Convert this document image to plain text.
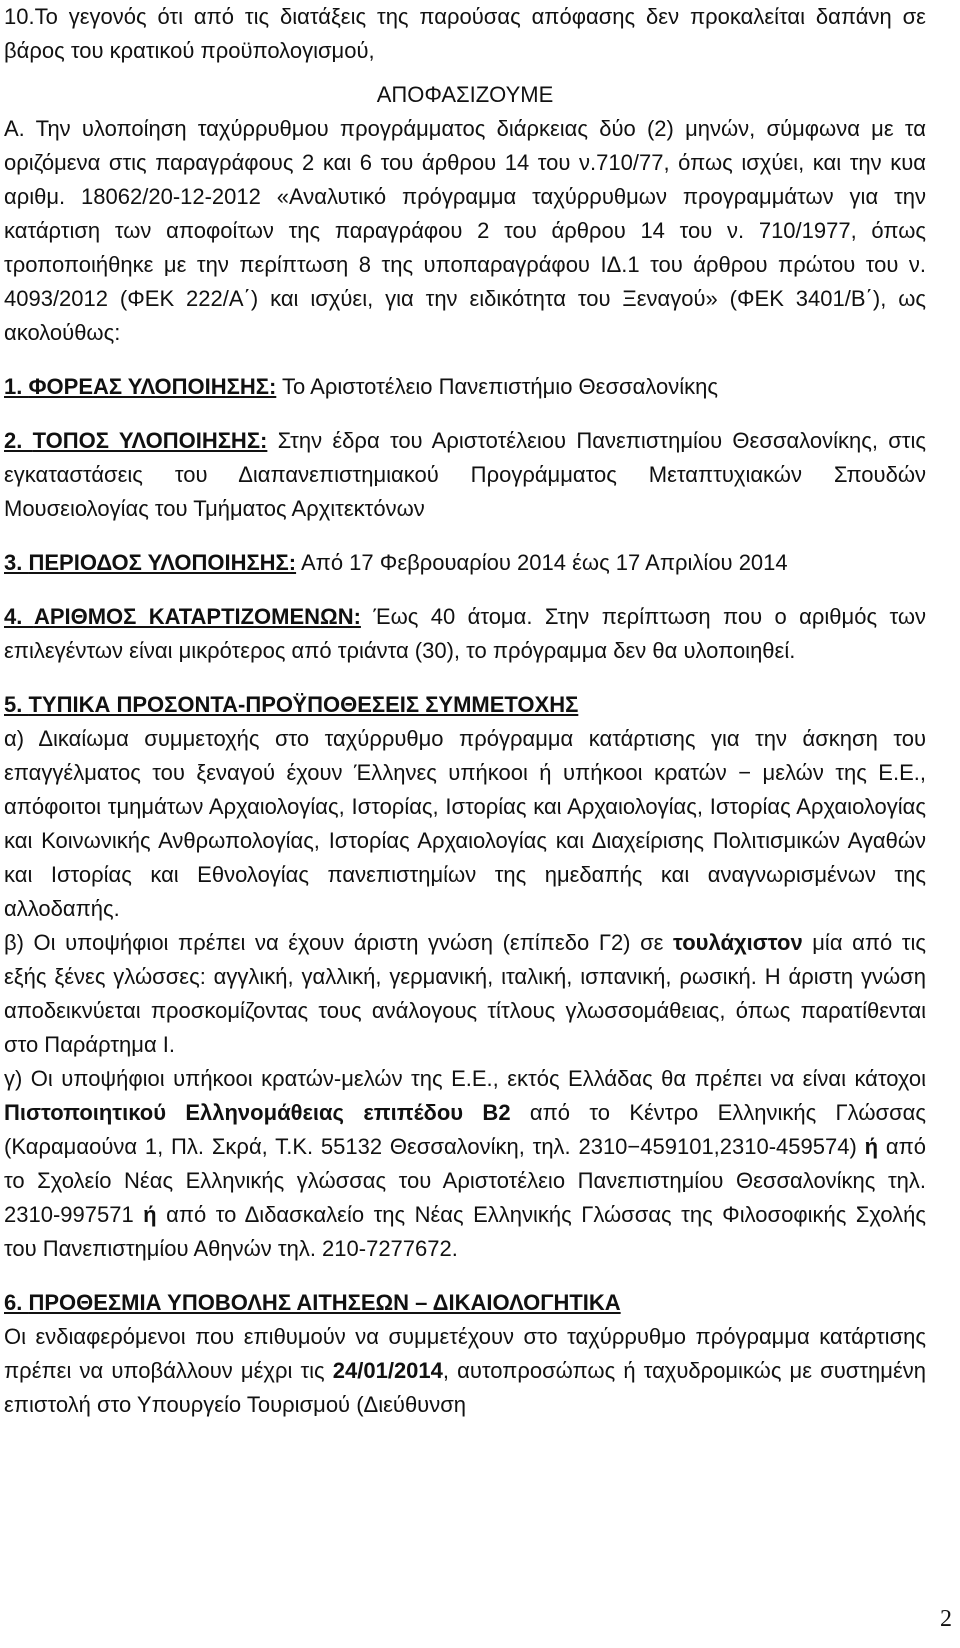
10.Το γεγονός ότι από τις διατάξεις της παρούσας απόφασης δεν προκαλείται δαπάνη σε βάρος του κρατικού προϋπολογισμού,

ΑΠΟΦΑΣΙΖΟΥΜΕ

Α. Την υλοποίηση ταχύρρυθμου προγράμματος διάρκειας δύο (2) μηνών, σύμφωνα με τα οριζόμενα στις παραγράφους 2 και 6 του άρθρου 14 του ν.710/77, όπως ισχύει, και την κυα αριθμ. 18062/20-12-2012 «Αναλυτικό πρόγραμμα ταχύρρυθμων προγραμμάτων για την κατάρτιση των αποφοίτων της παραγράφου 2 του άρθρου 14 του ν. 710/1977, όπως τροποποιήθηκε με την περίπτωση 8 της υποπαραγράφου ΙΔ.1 του άρθρου πρώτου του ν. 4093/2012 (ΦΕΚ 222/Α΄) και ισχύει, για την ειδικότητα του Ξεναγού» (ΦΕΚ 3401/Β΄), ως ακολούθως:

1. ΦΟΡΕΑΣ ΥΛΟΠΟΙΗΣΗΣ: Το Αριστοτέλειο Πανεπιστήμιο Θεσσαλονίκης

2. ΤΟΠΟΣ ΥΛΟΠΟΙΗΣΗΣ: Στην έδρα του Αριστοτέλειου Πανεπιστημίου Θεσσαλονίκης, στις εγκαταστάσεις του Διαπανεπιστημιακού Προγράμματος Μεταπτυχιακών Σπουδών Μουσειολογίας του Τμήματος Αρχιτεκτόνων

3. ΠΕΡΙΟΔΟΣ ΥΛΟΠΟΙΗΣΗΣ: Από 17 Φεβρουαρίου 2014 έως 17 Απριλίου 2014

4. ΑΡΙΘΜΟΣ ΚΑΤΑΡΤΙΖΟΜΕΝΩΝ: Έως 40 άτομα. Στην περίπτωση που ο αριθμός των επιλεγέντων είναι μικρότερος από τριάντα (30), το πρόγραμμα δεν θα υλοποιηθεί.

5. ΤΥΠΙΚΑ ΠΡΟΣΟΝΤΑ-ΠΡΟΫΠΟΘΕΣΕΙΣ ΣΥΜΜΕΤΟΧΗΣ

α) Δικαίωμα συμμετοχής στο ταχύρρυθμο πρόγραμμα κατάρτισης για την άσκηση του επαγγέλματος του ξεναγού έχουν Έλληνες υπήκοοι ή υπήκοοι κρατών − μελών της Ε.Ε., απόφοιτοι τμημάτων Αρχαιολογίας, Ιστορίας, Ιστορίας και Αρχαιολογίας, Ιστορίας Αρχαιολογίας και Κοινωνικής Ανθρωπολογίας, Ιστορίας Αρχαιολογίας και Διαχείρισης Πολιτισμικών Αγαθών και Ιστορίας και Εθνολογίας πανεπιστημίων της ημεδαπής και αναγνωρισμένων της αλλοδαπής.

β) Οι υποψήφιοι πρέπει να έχουν άριστη γνώση (επίπεδο Γ2) σε τουλάχιστον μία από τις εξής ξένες γλώσσες: αγγλική, γαλλική, γερμανική, ιταλική, ισπανική, ρωσική. Η άριστη γνώση αποδεικνύεται προσκομίζοντας τους ανάλογους τίτλους γλωσσομάθειας, όπως παρατίθενται στο Παράρτημα Ι.

γ) Οι υποψήφιοι υπήκοοι κρατών-μελών της Ε.Ε., εκτός Ελλάδας θα πρέπει να είναι κάτοχοι Πιστοποιητικού Ελληνομάθειας επιπέδου Β2 από το Κέντρο Ελληνικής Γλώσσας (Καραμαούνα 1, Πλ. Σκρά, Τ.Κ. 55132 Θεσσαλονίκη, τηλ. 2310−459101,2310-459574) ή από το Σχολείο Νέας Ελληνικής γλώσσας του Αριστοτέλειο Πανεπιστημίου Θεσσαλονίκης τηλ. 2310-997571 ή από το Διδασκαλείο της Νέας Ελληνικής Γλώσσας της Φιλοσοφικής Σχολής του Πανεπιστημίου Αθηνών τηλ. 210-7277672.

6. ΠΡΟΘΕΣΜΙΑ ΥΠΟΒΟΛΗΣ ΑΙΤΗΣΕΩΝ – ΔΙΚΑΙΟΛΟΓΗΤΙΚΑ

Οι ενδιαφερόμενοι που επιθυμούν να συμμετέχουν στο ταχύρρυθμο πρόγραμμα κατάρτισης πρέπει να υποβάλλουν μέχρι τις 24/01/2014, αυτοπροσώπως ή ταχυδρομικώς με συστημένη επιστολή στο Υπουργείο Τουρισμού (Διεύθυνση

2
